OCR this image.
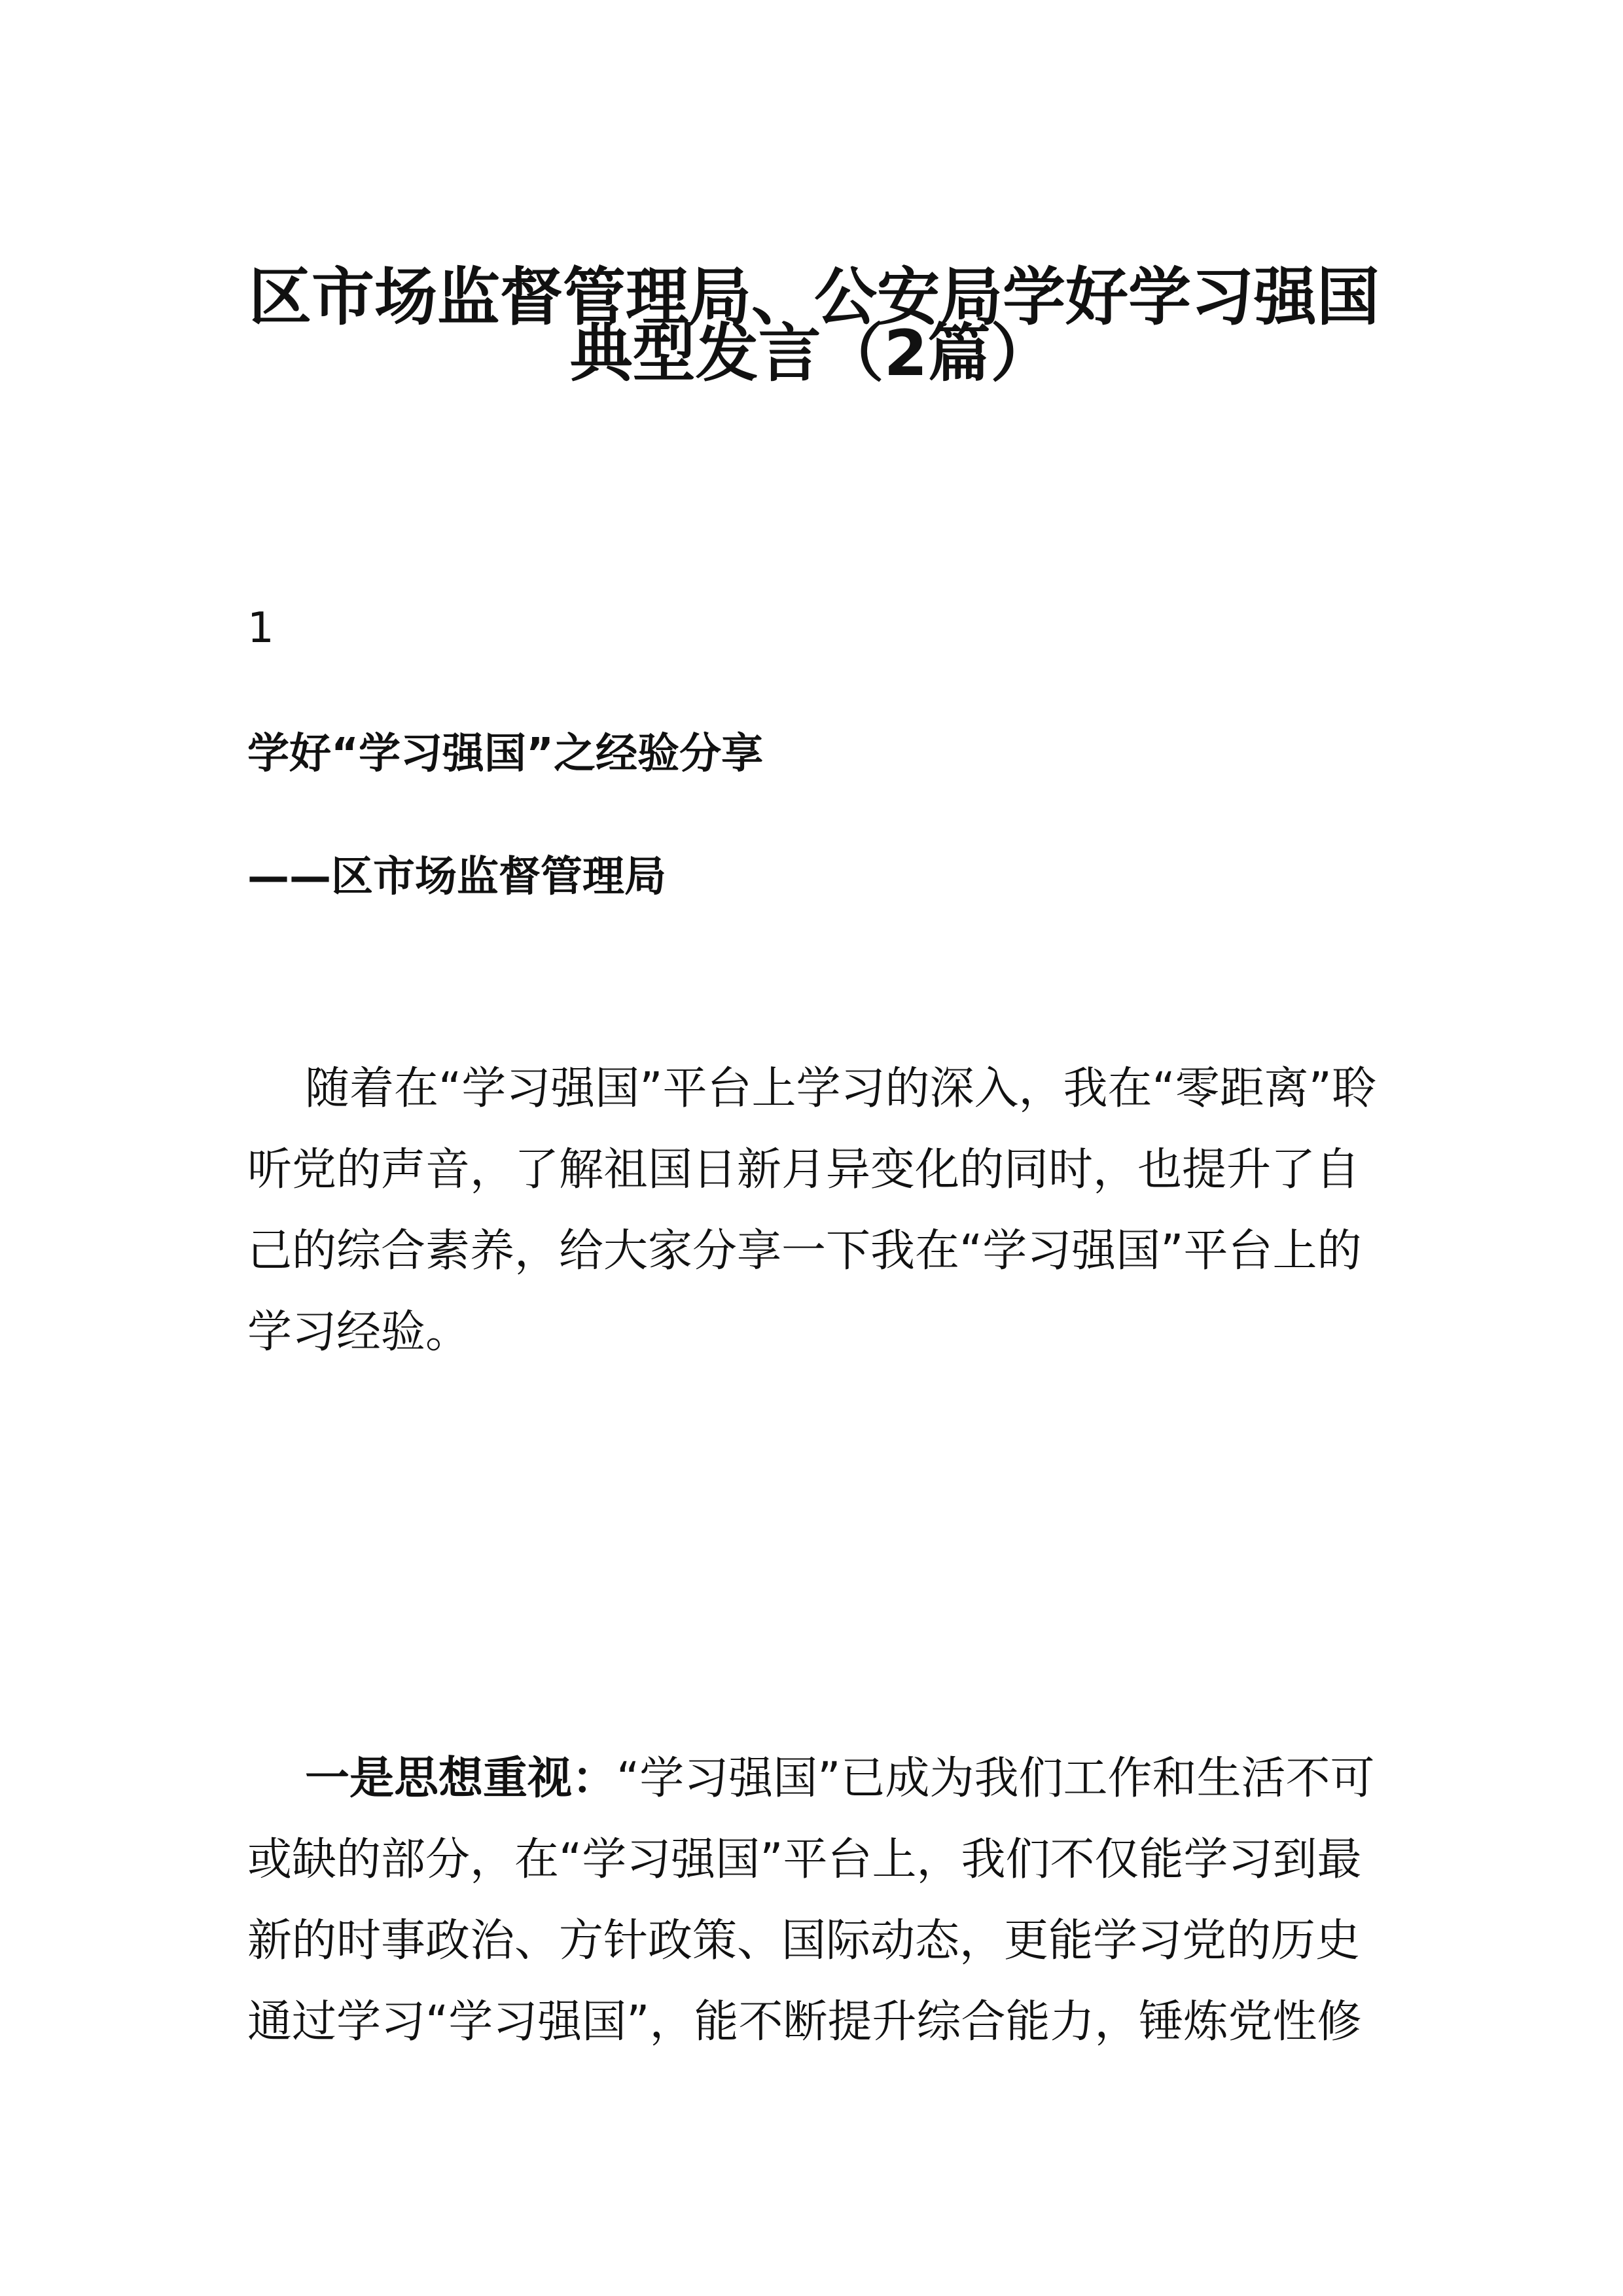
区市场监督管理局、公安局学好学习强国
典型发言（2篇）
1
学好“学习强国”之经验分享
——区市场监督管理局
随着在“学习强国”平台上学习的深入，我在“零距离”聆
听党的声音，了解祖国日新月异变化的同时，也提升了自
己的综合素养，给大家分享一下我在“学习强国”平台上的
学习经验。
一是思想重视：“学习强国”已成为我们工作和生活不可
或缺的部分，在“学习强国”平台上，我们不仅能学习到最
新的时事政治、方针政策、国际动态，更能学习党的历史
通过学习“学习强国”，能不断提升综合能力，锤炼党性修
